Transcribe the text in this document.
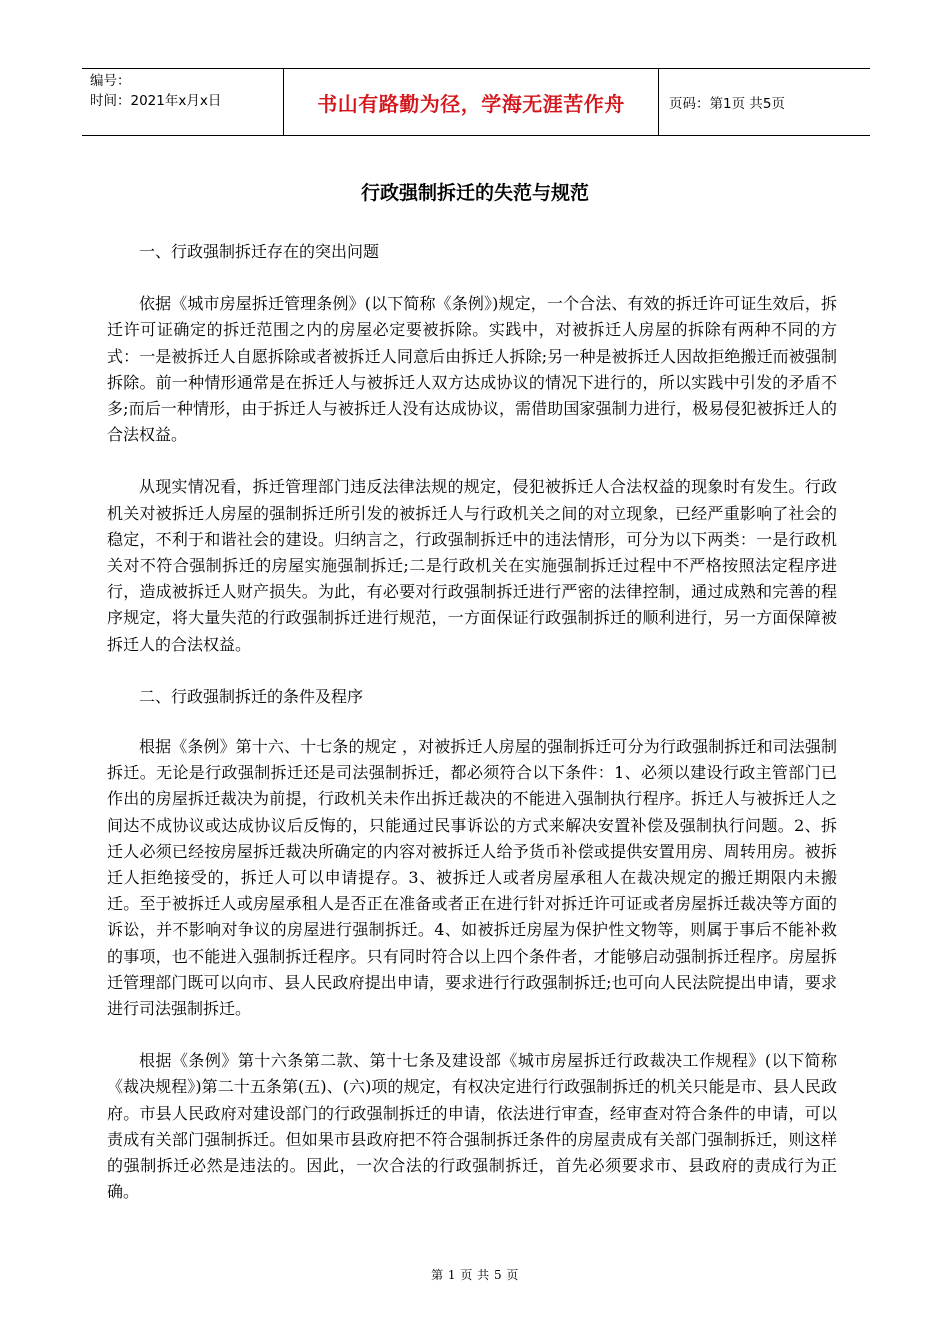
编号：
时间：2021年x月x日	书山有路勤为径，学海无涯苦作舟	页码：第1页 共5页
行政强制拆迁的失范与规范

一、行政强制拆迁存在的突出问题

依据《城市房屋拆迁管理条例》(以下简称《条例》)规定，一个合法、有效的拆迁许可证生效后，拆迁许可证确定的拆迁范围之内的房屋必定要被拆除。实践中，对被拆迁人房屋的拆除有两种不同的方式：一是被拆迁人自愿拆除或者被拆迁人同意后由拆迁人拆除;另一种是被拆迁人因故拒绝搬迁而被强制拆除。前一种情形通常是在拆迁人与被拆迁人双方达成协议的情况下进行的，所以实践中引发的矛盾不多;而后一种情形，由于拆迁人与被拆迁人没有达成协议，需借助国家强制力进行，极易侵犯被拆迁人的合法权益。

从现实情况看，拆迁管理部门违反法律法规的规定，侵犯被拆迁人合法权益的现象时有发生。行政机关对被拆迁人房屋的强制拆迁所引发的被拆迁人与行政机关之间的对立现象，已经严重影响了社会的稳定，不利于和谐社会的建设。归纳言之，行政强制拆迁中的违法情形，可分为以下两类：一是行政机关对不符合强制拆迁的房屋实施强制拆迁;二是行政机关在实施强制拆迁过程中不严格按照法定程序进行，造成被拆迁人财产损失。为此，有必要对行政强制拆迁进行严密的法律控制，通过成熟和完善的程序规定，将大量失范的行政强制拆迁进行规范，一方面保证行政强制拆迁的顺利进行，另一方面保障被拆迁人的合法权益。

二、行政强制拆迁的条件及程序

根据《条例》第十六、十七条的规定 ，对被拆迁人房屋的强制拆迁可分为行政强制拆迁和司法强制拆迁。无论是行政强制拆迁还是司法强制拆迁，都必须符合以下条件：1、必须以建设行政主管部门已作出的房屋拆迁裁决为前提，行政机关未作出拆迁裁决的不能进入强制执行程序。拆迁人与被拆迁人之间达不成协议或达成协议后反悔的，只能通过民事诉讼的方式来解决安置补偿及强制执行问题。2、拆迁人必须已经按房屋拆迁裁决所确定的内容对被拆迁人给予货币补偿或提供安置用房、周转用房。被拆迁人拒绝接受的，拆迁人可以申请提存。3、被拆迁人或者房屋承租人在裁决规定的搬迁期限内未搬迁。至于被拆迁人或房屋承租人是否正在准备或者正在进行针对拆迁许可证或者房屋拆迁裁决等方面的诉讼，并不影响对争议的房屋进行强制拆迁。4、如被拆迁房屋为保护性文物等，则属于事后不能补救的事项，也不能进入强制拆迁程序。只有同时符合以上四个条件者，才能够启动强制拆迁程序。房屋拆迁管理部门既可以向市、县人民政府提出申请，要求进行行政强制拆迁;也可向人民法院提出申请，要求进行司法强制拆迁。

根据《条例》第十六条第二款、第十七条及建设部《城市房屋拆迁行政裁决工作规程》(以下简称《裁决规程》)第二十五条第(五)、(六)项的规定，有权决定进行行政强制拆迁的机关只能是市、县人民政府。市县人民政府对建设部门的行政强制拆迁的申请，依法进行审查，经审查对符合条件的申请，可以责成有关部门强制拆迁。但如果市县政府把不符合强制拆迁条件的房屋责成有关部门强制拆迁，则这样的强制拆迁必然是违法的。因此，一次合法的行政强制拆迁，首先必须要求市、县政府的责成行为正确。

第 1 页 共 5 页
